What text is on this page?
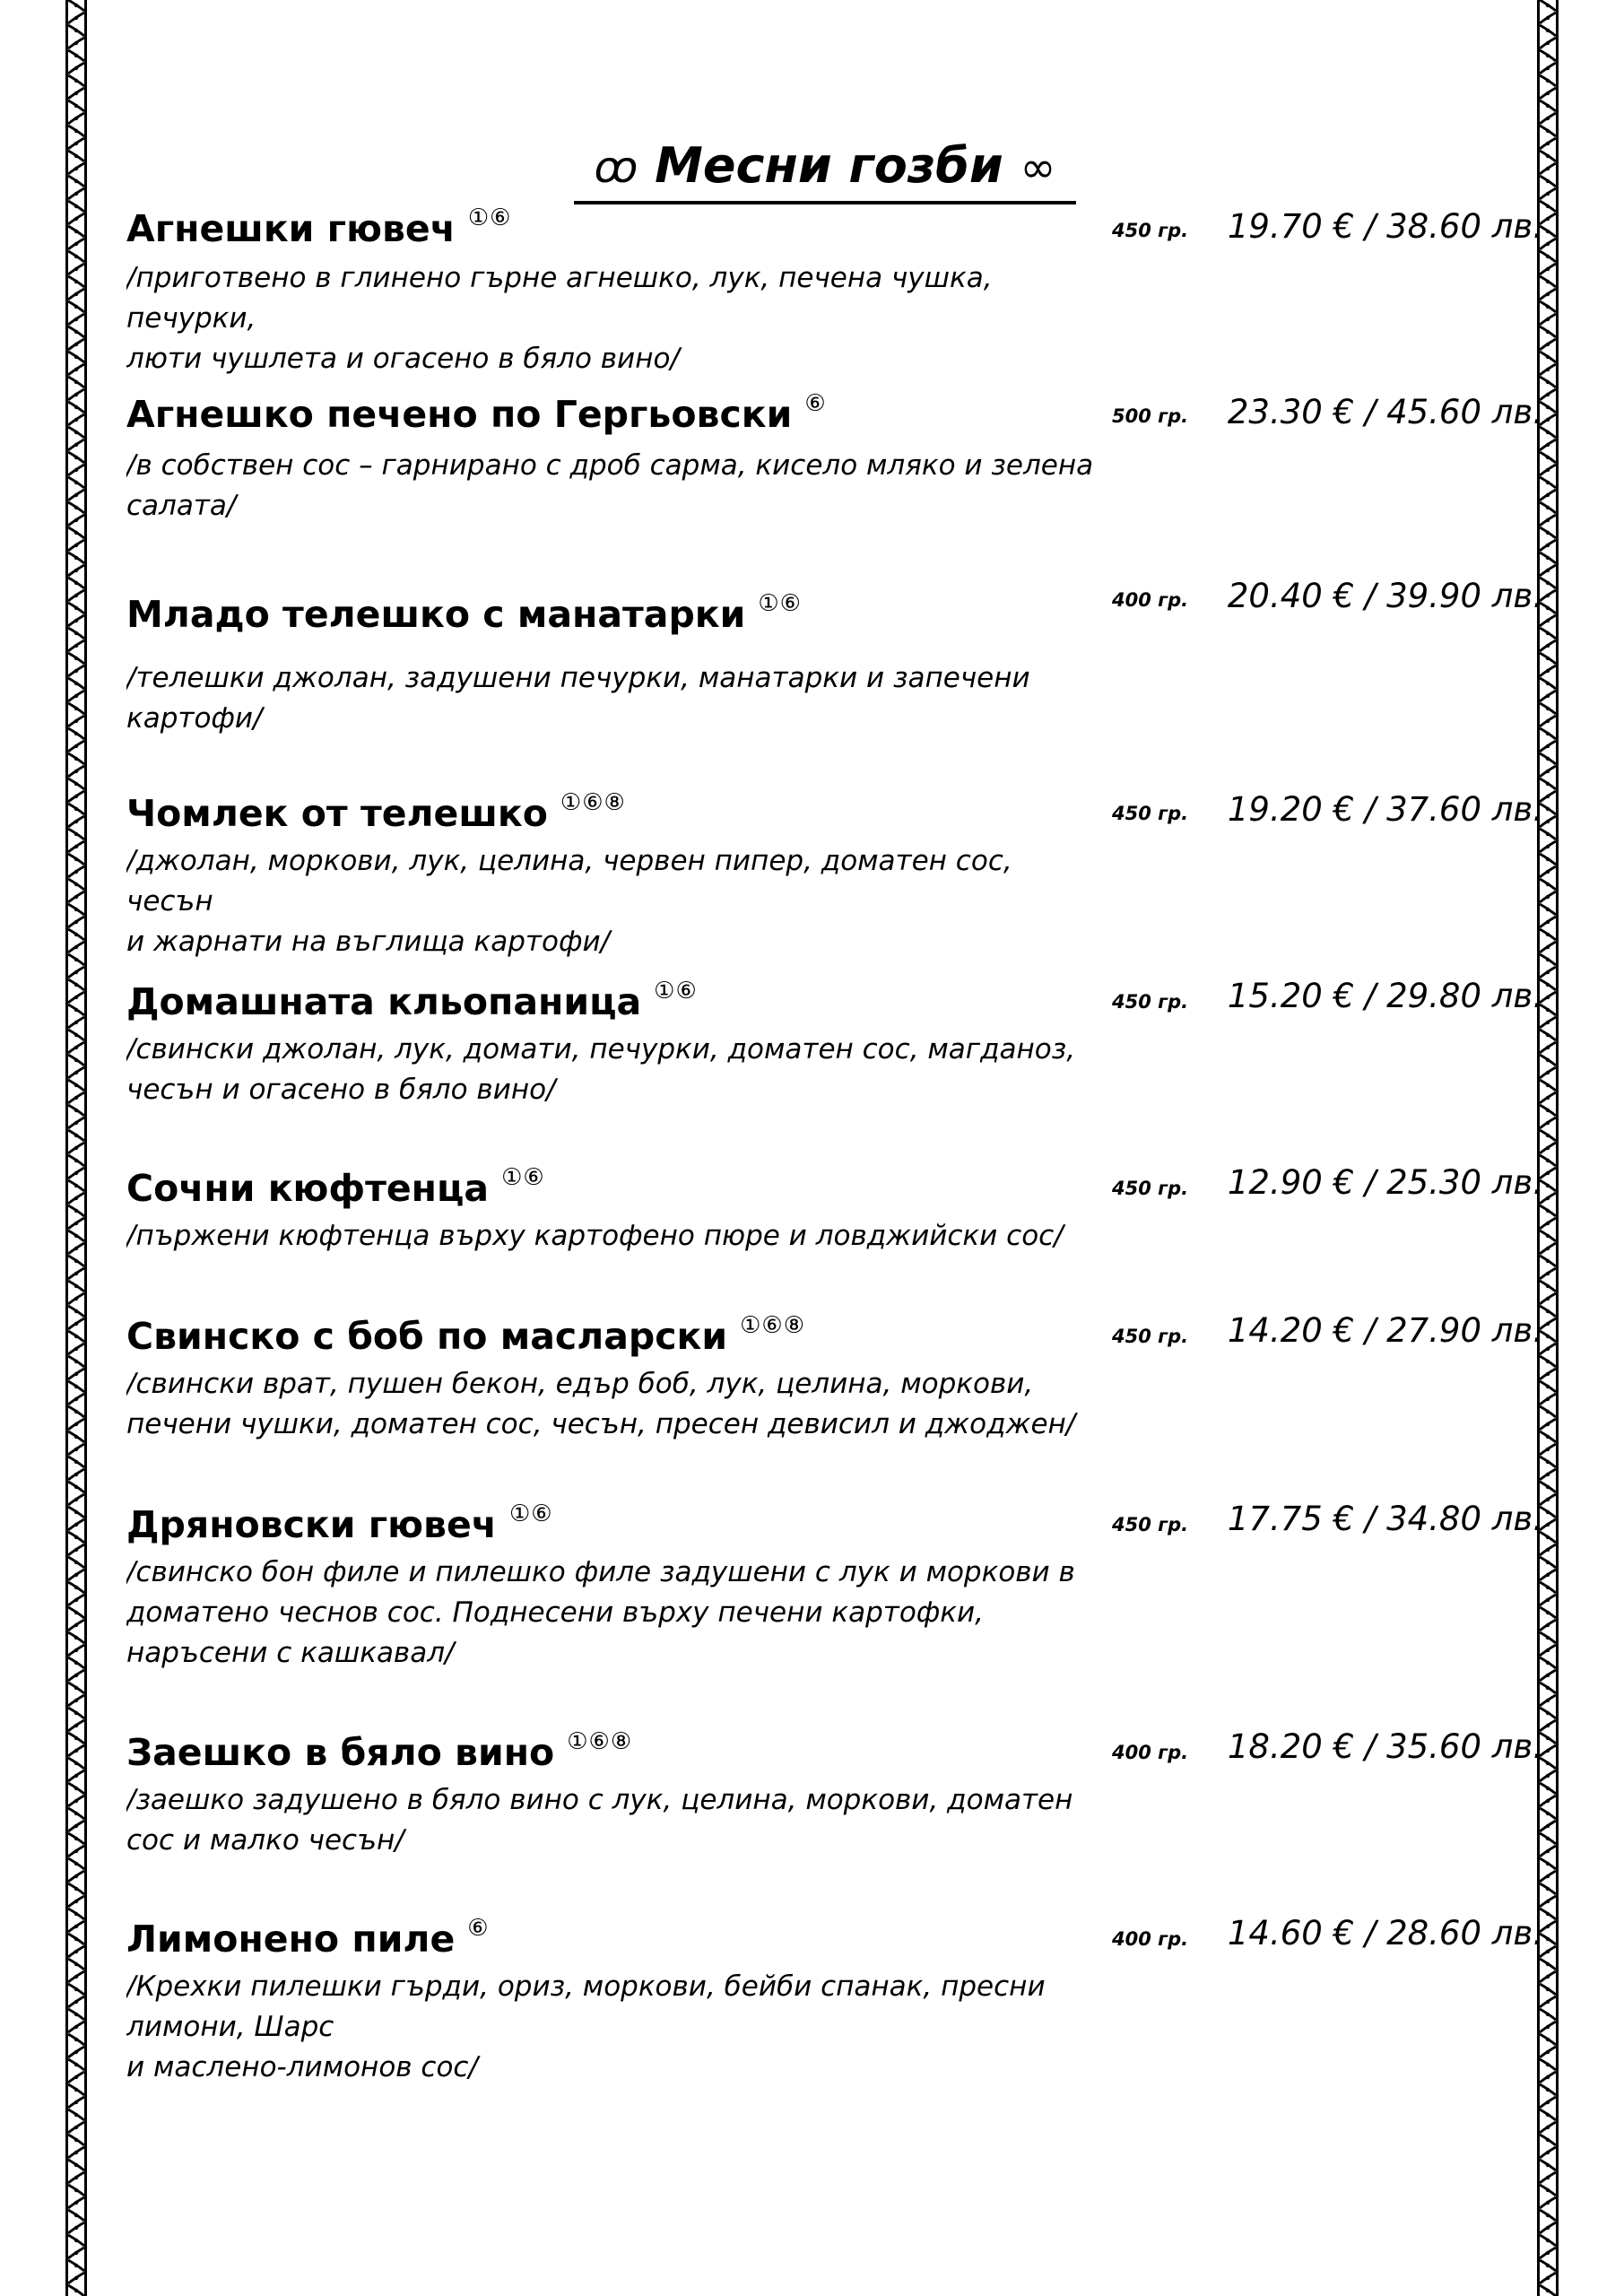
ꝏ Месни гозби ∞
Агнешки гювеч ①⑥	450 гр. 19.70 € / 38.60 лв.
/приготвено в глинено гърне агнешко, лук, печена чушка, печурки,
люти чушлета и огасено в бяло вино/
Агнешко печено по Гергьовски ⑥	500 гр. 23.30 € / 45.60 лв.
/в собствен сос – гарнирано с дроб сарма, кисело мляко и зелена
салата/
Младо телешко с манатарки ①⑥	400 гр. 20.40 € / 39.90 лв.
/телешки джолан, задушени печурки, манатарки и запечени
картофи/
Чомлек от телешко ①⑥⑧	450 гр. 19.20 € / 37.60 лв.
/джолан, моркови, лук, целина, червен пипер, доматен сос, чесън
и жарнати на въглища картофи/
Домашната кльопаница ①⑥	450 гр. 15.20 € / 29.80 лв.
/свински джолан, лук, домати, печурки, доматен сос, магданоз,
чесън и огасено в бяло вино/
Сочни кюфтенца ①⑥	450 гр. 12.90 € / 25.30 лв.
/пържени кюфтенца върху картофено пюре и ловджийски сос/
Свинско с боб по масларски ①⑥⑧	450 гр. 14.20 € / 27.90 лв.
/свински врат, пушен бекон, едър боб, лук, целина, моркови,
печени чушки, доматен сос, чесън, пресен девисил и джоджен/
Дряновски гювеч ①⑥	450 гр. 17.75 € / 34.80 лв.
/свинско бон филе и пилешко филе задушени с лук и моркови в
доматено чеснов сос. Поднесени върху печени картофки,
наръсени с кашкавал/
Заешко в бяло вино ①⑥⑧	400 гр. 18.20 € / 35.60 лв.
/заешко задушено в бяло вино с лук, целина, моркови, доматен
сос и малко чесън/
Лимонено пиле ⑥	400 гр. 14.60 € / 28.60 лв.
/Крехки пилешки гърди, ориз, моркови, бейби спанак, пресни лимони, Шарс
и маслено-лимонов сос/
